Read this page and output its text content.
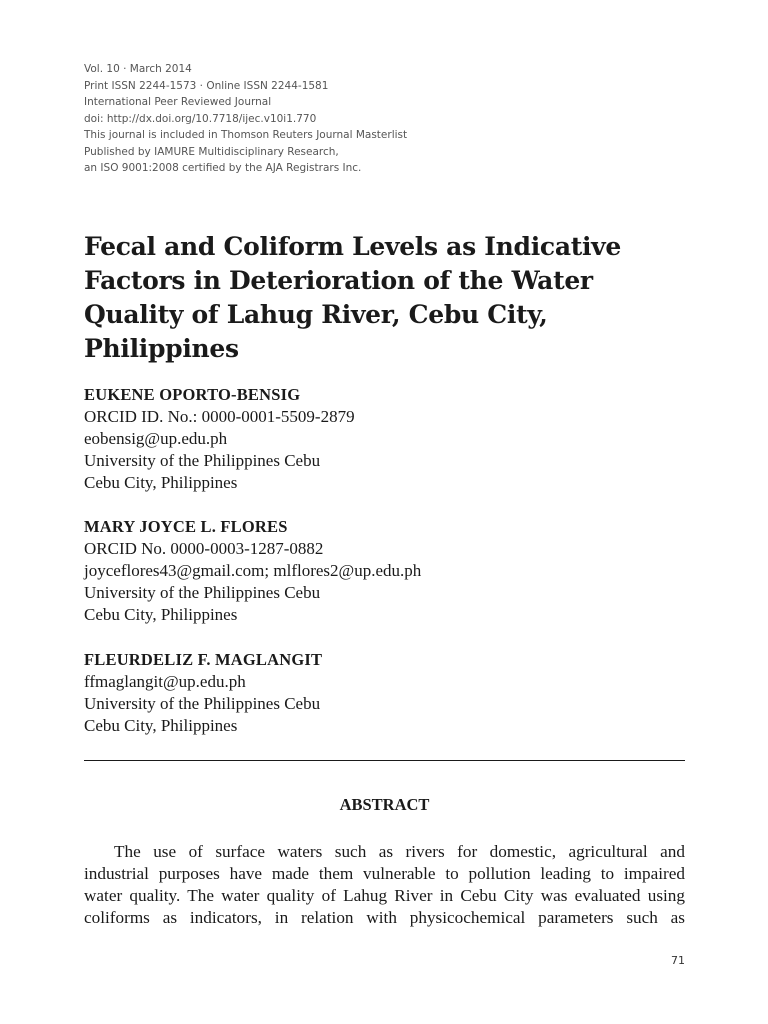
Vol. 10 · March 2014
Print ISSN 2244-1573 · Online ISSN 2244-1581
International Peer Reviewed Journal
doi: http://dx.doi.org/10.7718/ijec.v10i1.770
This journal is included in Thomson Reuters Journal Masterlist
Published by IAMURE Multidisciplinary Research,
an ISO 9001:2008 certified by the AJA Registrars Inc.
Fecal and Coliform Levels as Indicative
Factors in Deterioration of the Water
Quality of Lahug River, Cebu City,
Philippines
EUKENE OPORTO-BENSIG
ORCID ID. No.: 0000-0001-5509-2879
eobensig@up.edu.ph
University of the Philippines Cebu
Cebu City, Philippines
MARY JOYCE L. FLORES
ORCID No. 0000-0003-1287-0882
joyceflores43@gmail.com; mlflores2@up.edu.ph
University of the Philippines Cebu
Cebu City, Philippines
FLEURDELIZ F. MAGLANGIT
ffmaglangit@up.edu.ph
University of the Philippines Cebu
Cebu City, Philippines
ABSTRACT

The use of surface waters such as rivers for domestic, agricultural and
industrial purposes have made them vulnerable to pollution leading to impaired
water quality. The water quality of Lahug River in Cebu City was evaluated using
coliforms as indicators, in relation with physicochemical parameters such as

71
